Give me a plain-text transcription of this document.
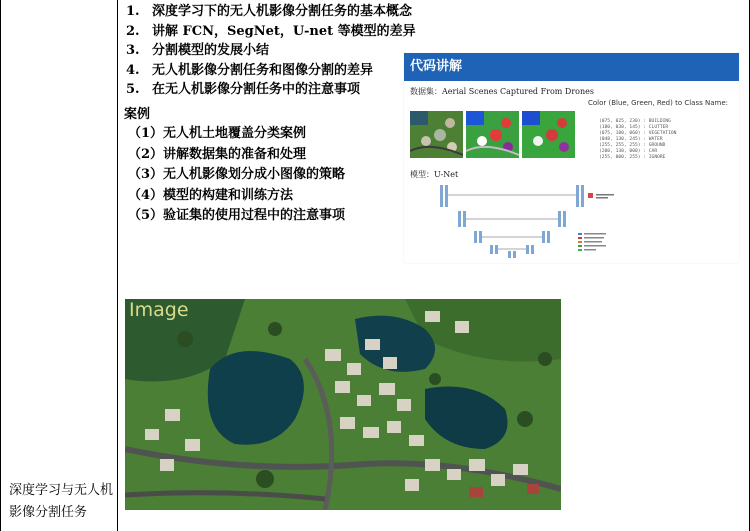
深度学习与无人机影像分割任务
1. 深度学习下的无人机影像分割任务的基本概念
2. 讲解 FCN，SegNet，U-net 等模型的差异
3. 分割模型的发展小结
4. 无人机影像分割任务和图像分割的差异
5. 在无人机影像分割任务中的注意事项
案例
（1）无人机土地覆盖分类案例
（2）讲解数据集的准备和处理
（3）无人机影像划分成小图像的策略
（4）模型的构建和训练方法
（5）验证集的使用过程中的注意事项
代码讲解
数据集：Aerial Scenes Captured From Drones
Color (Blue, Green, Red) to Class Name:
(075, 025, 230) : BUILDING
(180, 030, 145) : CLUTTER
(075, 180, 060) : VEGETATION
(048, 130, 245) : WATER
(255, 255, 255) : GROUND
(200, 130, 000) : CAR
(255, 000, 255) : IGNORE
模型：U-Net
Image
